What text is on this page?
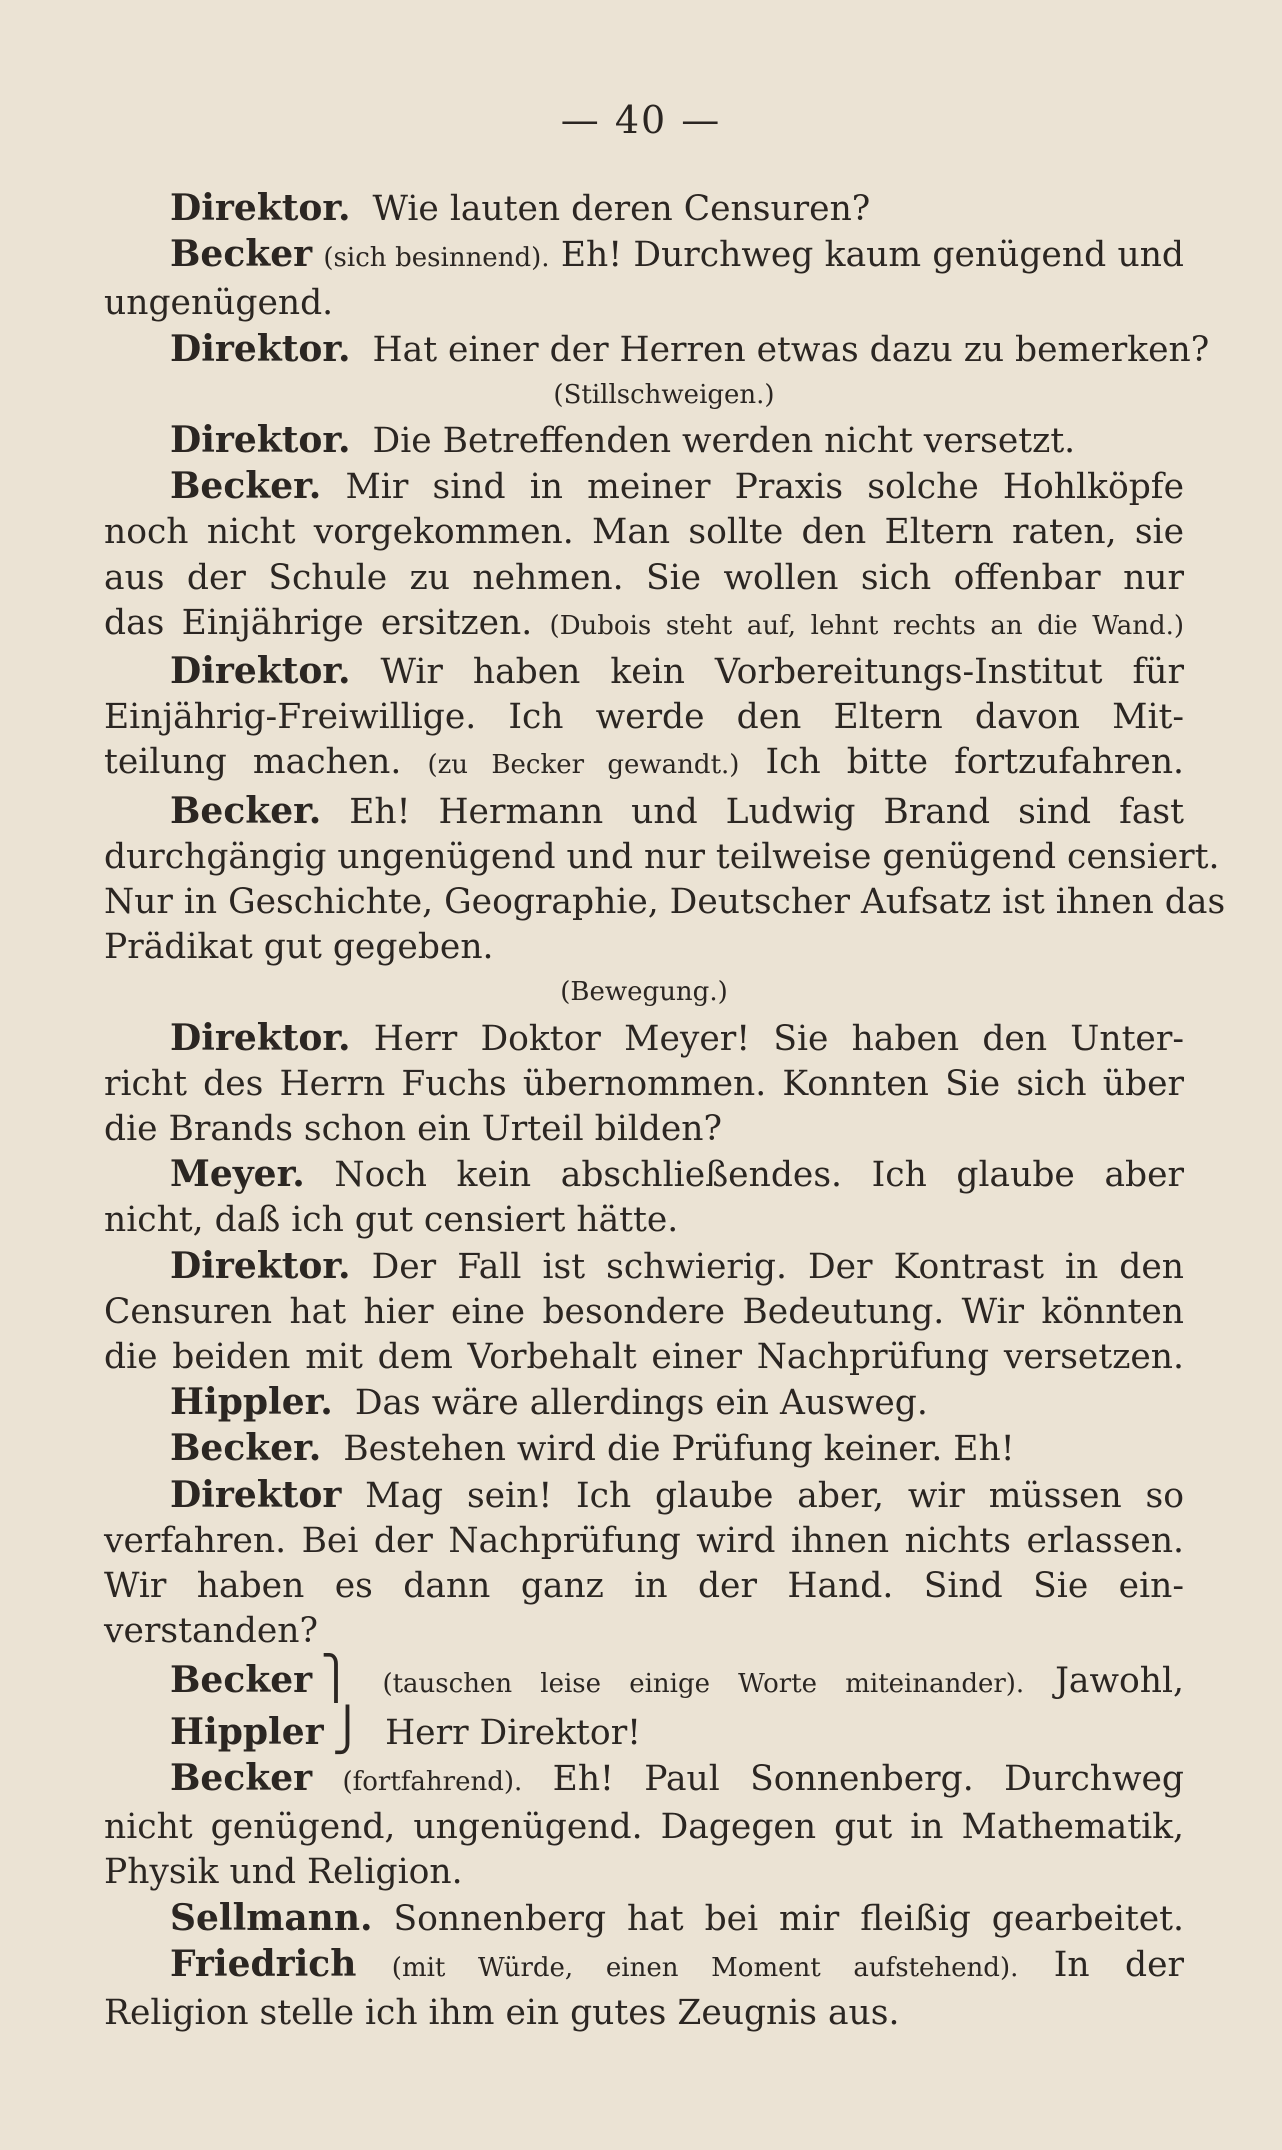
— 40 —
Direktor. Wie lauten deren Censuren?
Becker (sich besinnend). Eh! Durchweg kaum genügend und
ungenügend.
Direktor. Hat einer der Herren etwas dazu zu bemerken?
(Stillschweigen.)
Direktor. Die Betreffenden werden nicht versetzt.
Becker. Mir sind in meiner Praxis solche Hohlköpfe
noch nicht vorgekommen. Man sollte den Eltern raten, sie
aus der Schule zu nehmen. Sie wollen sich offenbar nur
das Einjährige ersitzen. (Dubois steht auf, lehnt rechts an die Wand.)
Direktor. Wir haben kein Vorbereitungs-Institut für
Einjährig-Freiwillige. Ich werde den Eltern davon Mit-
teilung machen. (zu Becker gewandt.) Ich bitte fortzufahren.
Becker. Eh! Hermann und Ludwig Brand sind fast
durchgängig ungenügend und nur teilweise genügend censiert.
Nur in Geschichte, Geographie, Deutscher Aufsatz ist ihnen das
Prädikat gut gegeben.
(Bewegung.)
Direktor. Herr Doktor Meyer! Sie haben den Unter-
richt des Herrn Fuchs übernommen. Konnten Sie sich über
die Brands schon ein Urteil bilden?
Meyer. Noch kein abschließendes. Ich glaube aber
nicht, daß ich gut censiert hätte.
Direktor. Der Fall ist schwierig. Der Kontrast in den
Censuren hat hier eine besondere Bedeutung. Wir könnten
die beiden mit dem Vorbehalt einer Nachprüfung versetzen.
Hippler. Das wäre allerdings ein Ausweg.
Becker. Bestehen wird die Prüfung keiner. Eh!
Direktor Mag sein! Ich glaube aber, wir müssen so
verfahren. Bei der Nachprüfung wird ihnen nichts erlassen.
Wir haben es dann ganz in der Hand. Sind Sie ein-
verstanden?
Becker ⎫ (tauschen leise einige Worte miteinander). Jawohl,
Hippler ⎭ Herr Direktor!
Becker (fortfahrend). Eh! Paul Sonnenberg. Durchweg
nicht genügend, ungenügend. Dagegen gut in Mathematik,
Physik und Religion.
Sellmann. Sonnenberg hat bei mir fleißig gearbeitet.
Friedrich (mit Würde, einen Moment aufstehend). In der
Religion stelle ich ihm ein gutes Zeugnis aus.
